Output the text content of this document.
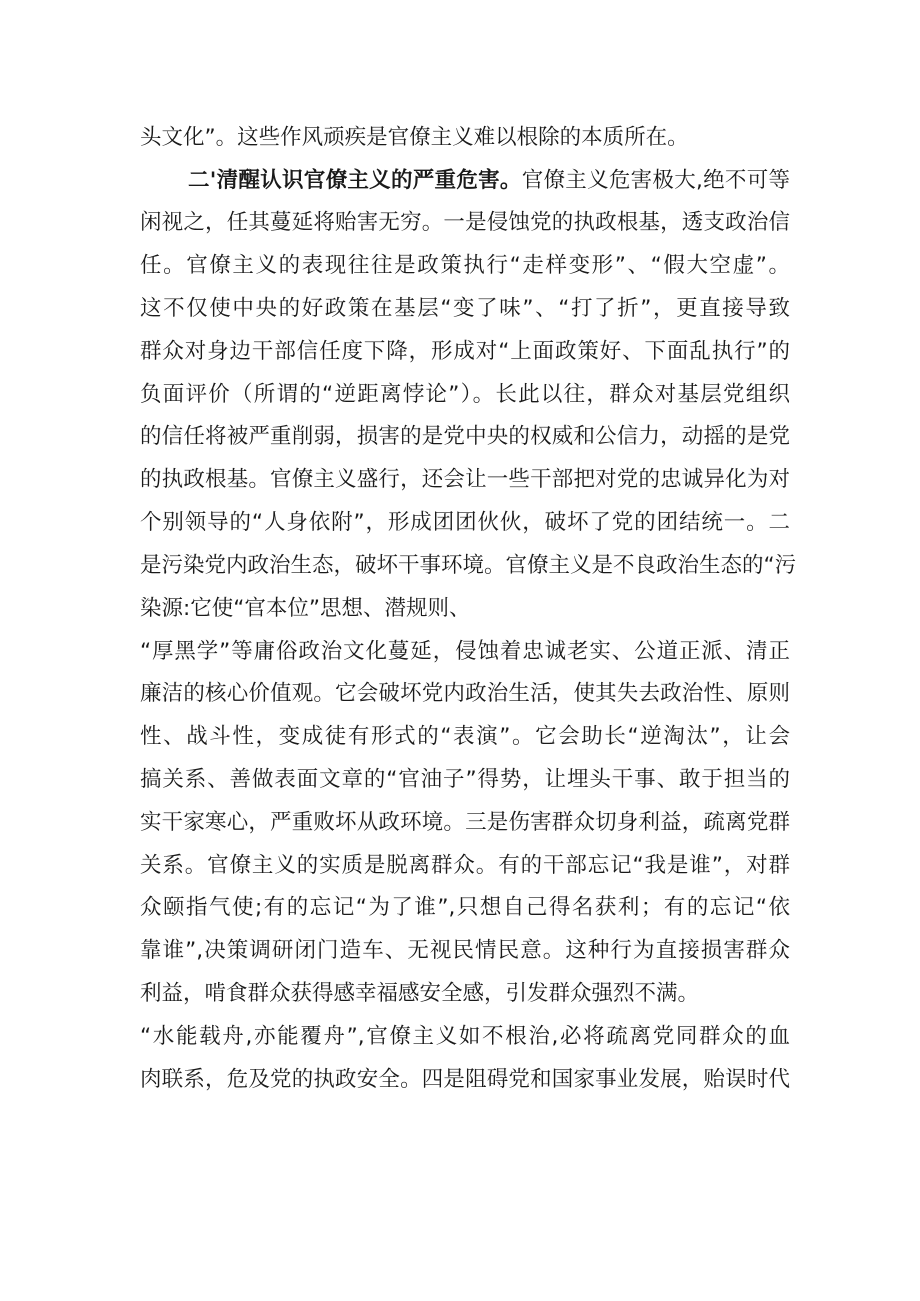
头文化”。这些作风顽疾是官僚主义难以根除的本质所在。
二'清醒认识官僚主义的严重危害。官僚主义危害极大,绝不可等
闲视之，任其蔓延将贻害无穷。一是侵蚀党的执政根基，透支政治信
任。官僚主义的表现往往是政策执行“走样变形”、“假大空虚”。
这不仅使中央的好政策在基层“变了味”、“打了折”，更直接导致
群众对身边干部信任度下降，形成对“上面政策好、下面乱执行”的
负面评价（所谓的“逆距离悖论”）。长此以往，群众对基层党组织
的信任将被严重削弱，损害的是党中央的权威和公信力，动摇的是党
的执政根基。官僚主义盛行，还会让一些干部把对党的忠诚异化为对
个别领导的“人身依附”，形成团团伙伙，破坏了党的团结统一。二
是污染党内政治生态，破坏干事环境。官僚主义是不良政治生态的“污
染源:它使“官本位”思想、潜规则、
“厚黑学”等庸俗政治文化蔓延，侵蚀着忠诚老实、公道正派、清正
廉洁的核心价值观。它会破坏党内政治生活，使其失去政治性、原则
性、战斗性，变成徒有形式的“表演”。它会助长“逆淘汰”，让会
搞关系、善做表面文章的“官油子”得势，让埋头干事、敢于担当的
实干家寒心，严重败坏从政环境。三是伤害群众切身利益，疏离党群
关系。官僚主义的实质是脱离群众。有的干部忘记“我是谁”，对群
众颐指气使;有的忘记“为了谁”,只想自己得名获利；有的忘记“依
靠谁”,决策调研闭门造车、无视民情民意。这种行为直接损害群众
利益，啃食群众获得感幸福感安全感，引发群众强烈不满。
“水能载舟,亦能覆舟”,官僚主义如不根治,必将疏离党同群众的血
肉联系，危及党的执政安全。四是阻碍党和国家事业发展，贻误时代
